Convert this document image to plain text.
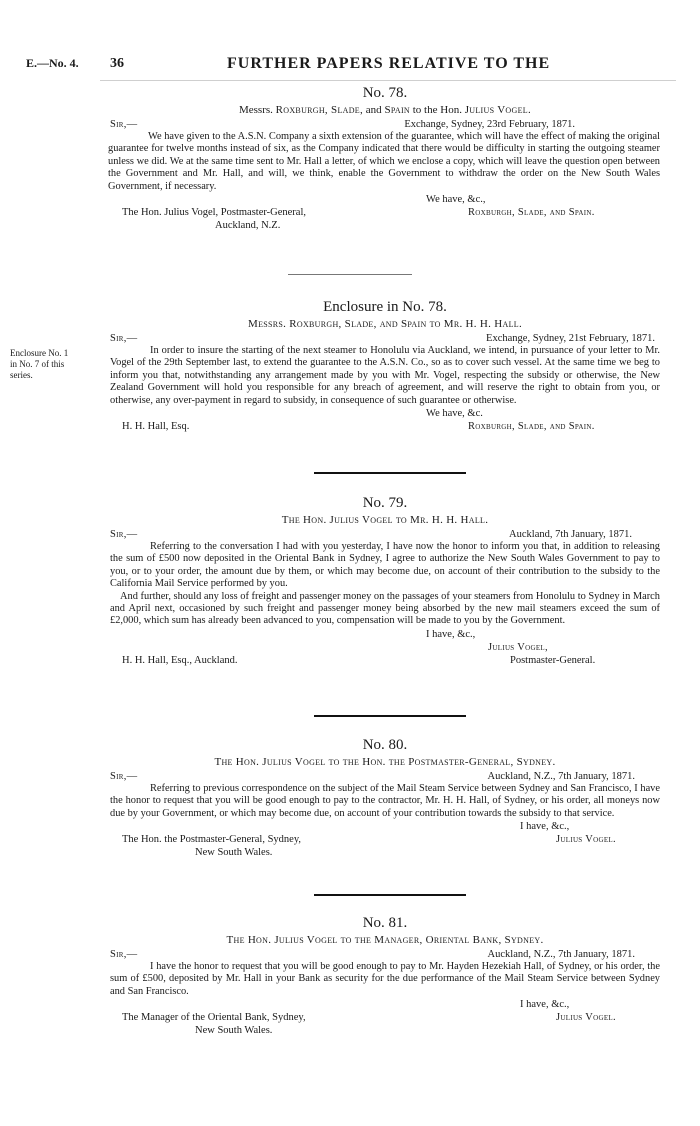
E.—No. 4. 36	FURTHER PAPERS RELATIVE TO THE

No. 78.

Messrs. Roxburgh, Slade, and Spain to the Hon. Julius Vogel.

Sir,—	Exchange, Sydney, 23rd February, 1871.

We have given to the A.S.N. Company a sixth extension of the guarantee, which will have the effect of making the original guarantee for twelve months instead of six, as the Company indicated that there would be difficulty in starting the outgoing steamer unless we did. We at the same time sent to Mr. Hall a letter, of which we enclose a copy, which will leave the question open between the Government and Mr. Hall, and will, we think, enable the Government to withdraw the order on the New South Wales Government, if necessary.

We have, &c.,
The Hon. Julius Vogel, Postmaster-General,	Roxburgh, Slade, and Spain.
Auckland, N.Z.
Enclosure No. 1
in No. 7 of this
series.

Enclosure in No. 78.

Messrs. Roxburgh, Slade, and Spain to Mr. H. H. Hall.

Sir,—	Exchange, Sydney, 21st February, 1871.

In order to insure the starting of the next steamer to Honolulu via Auckland, we intend, in pursuance of your letter to Mr. Vogel of the 29th September last, to extend the guarantee to the A.S.N. Co., so as to cover such vessel. At the same time we beg to inform you that, notwithstanding any arrangement made by you with Mr. Vogel, respecting the subsidy or otherwise, the New Zealand Government will hold you responsible for any breach of agreement, and will reserve the right to obtain from you, or otherwise, any over-payment in regard to subsidy, in consequence of such guarantee or otherwise.

We have, &c.
H. H. Hall, Esq.	Roxburgh, Slade, and Spain.

No. 79.

The Hon. Julius Vogel to Mr. H. H. Hall.

Sir,—	Auckland, 7th January, 1871.

Referring to the conversation I had with you yesterday, I have now the honor to inform you that, in addition to releasing the sum of £500 now deposited in the Oriental Bank in Sydney, I agree to authorize the New South Wales Government to pay to you, or to your order, the amount due by them, or which may become due, on account of their contribution to the subsidy to the California Mail Service performed by you.

And further, should any loss of freight and passenger money on the passages of your steamers from Honolulu to Sydney in March and April next, occasioned by such freight and passenger money being absorbed by the new mail steamers exceed the sum of £2,000, which sum has already been advanced to you, compensation will be made to you by the Government.

I have, &c.,
Julius Vogel,
H. H. Hall, Esq., Auckland.	Postmaster-General.

No. 80.

The Hon. Julius Vogel to the Hon. the Postmaster-General, Sydney.

Sir,—	Auckland, N.Z., 7th January, 1871.

Referring to previous correspondence on the subject of the Mail Steam Service between Sydney and San Francisco, I have the honor to request that you will be good enough to pay to the contractor, Mr. H. H. Hall, of Sydney, or his order, all moneys now due by your Government, or which may become due, on account of your contribution towards the subsidy to that service.

I have, &c.,
The Hon. the Postmaster-General, Sydney,	Julius Vogel.
New South Wales.

No. 81.

The Hon. Julius Vogel to the Manager, Oriental Bank, Sydney.

Sir,—	Auckland, N.Z., 7th January, 1871.

I have the honor to request that you will be good enough to pay to Mr. Hayden Hezekiah Hall, of Sydney, or his order, the sum of £500, deposited by Mr. Hall in your Bank as security for the due performance of the Mail Steam Service between Sydney and San Francisco.

I have, &c.,
The Manager of the Oriental Bank, Sydney,	Julius Vogel.
New South Wales.
